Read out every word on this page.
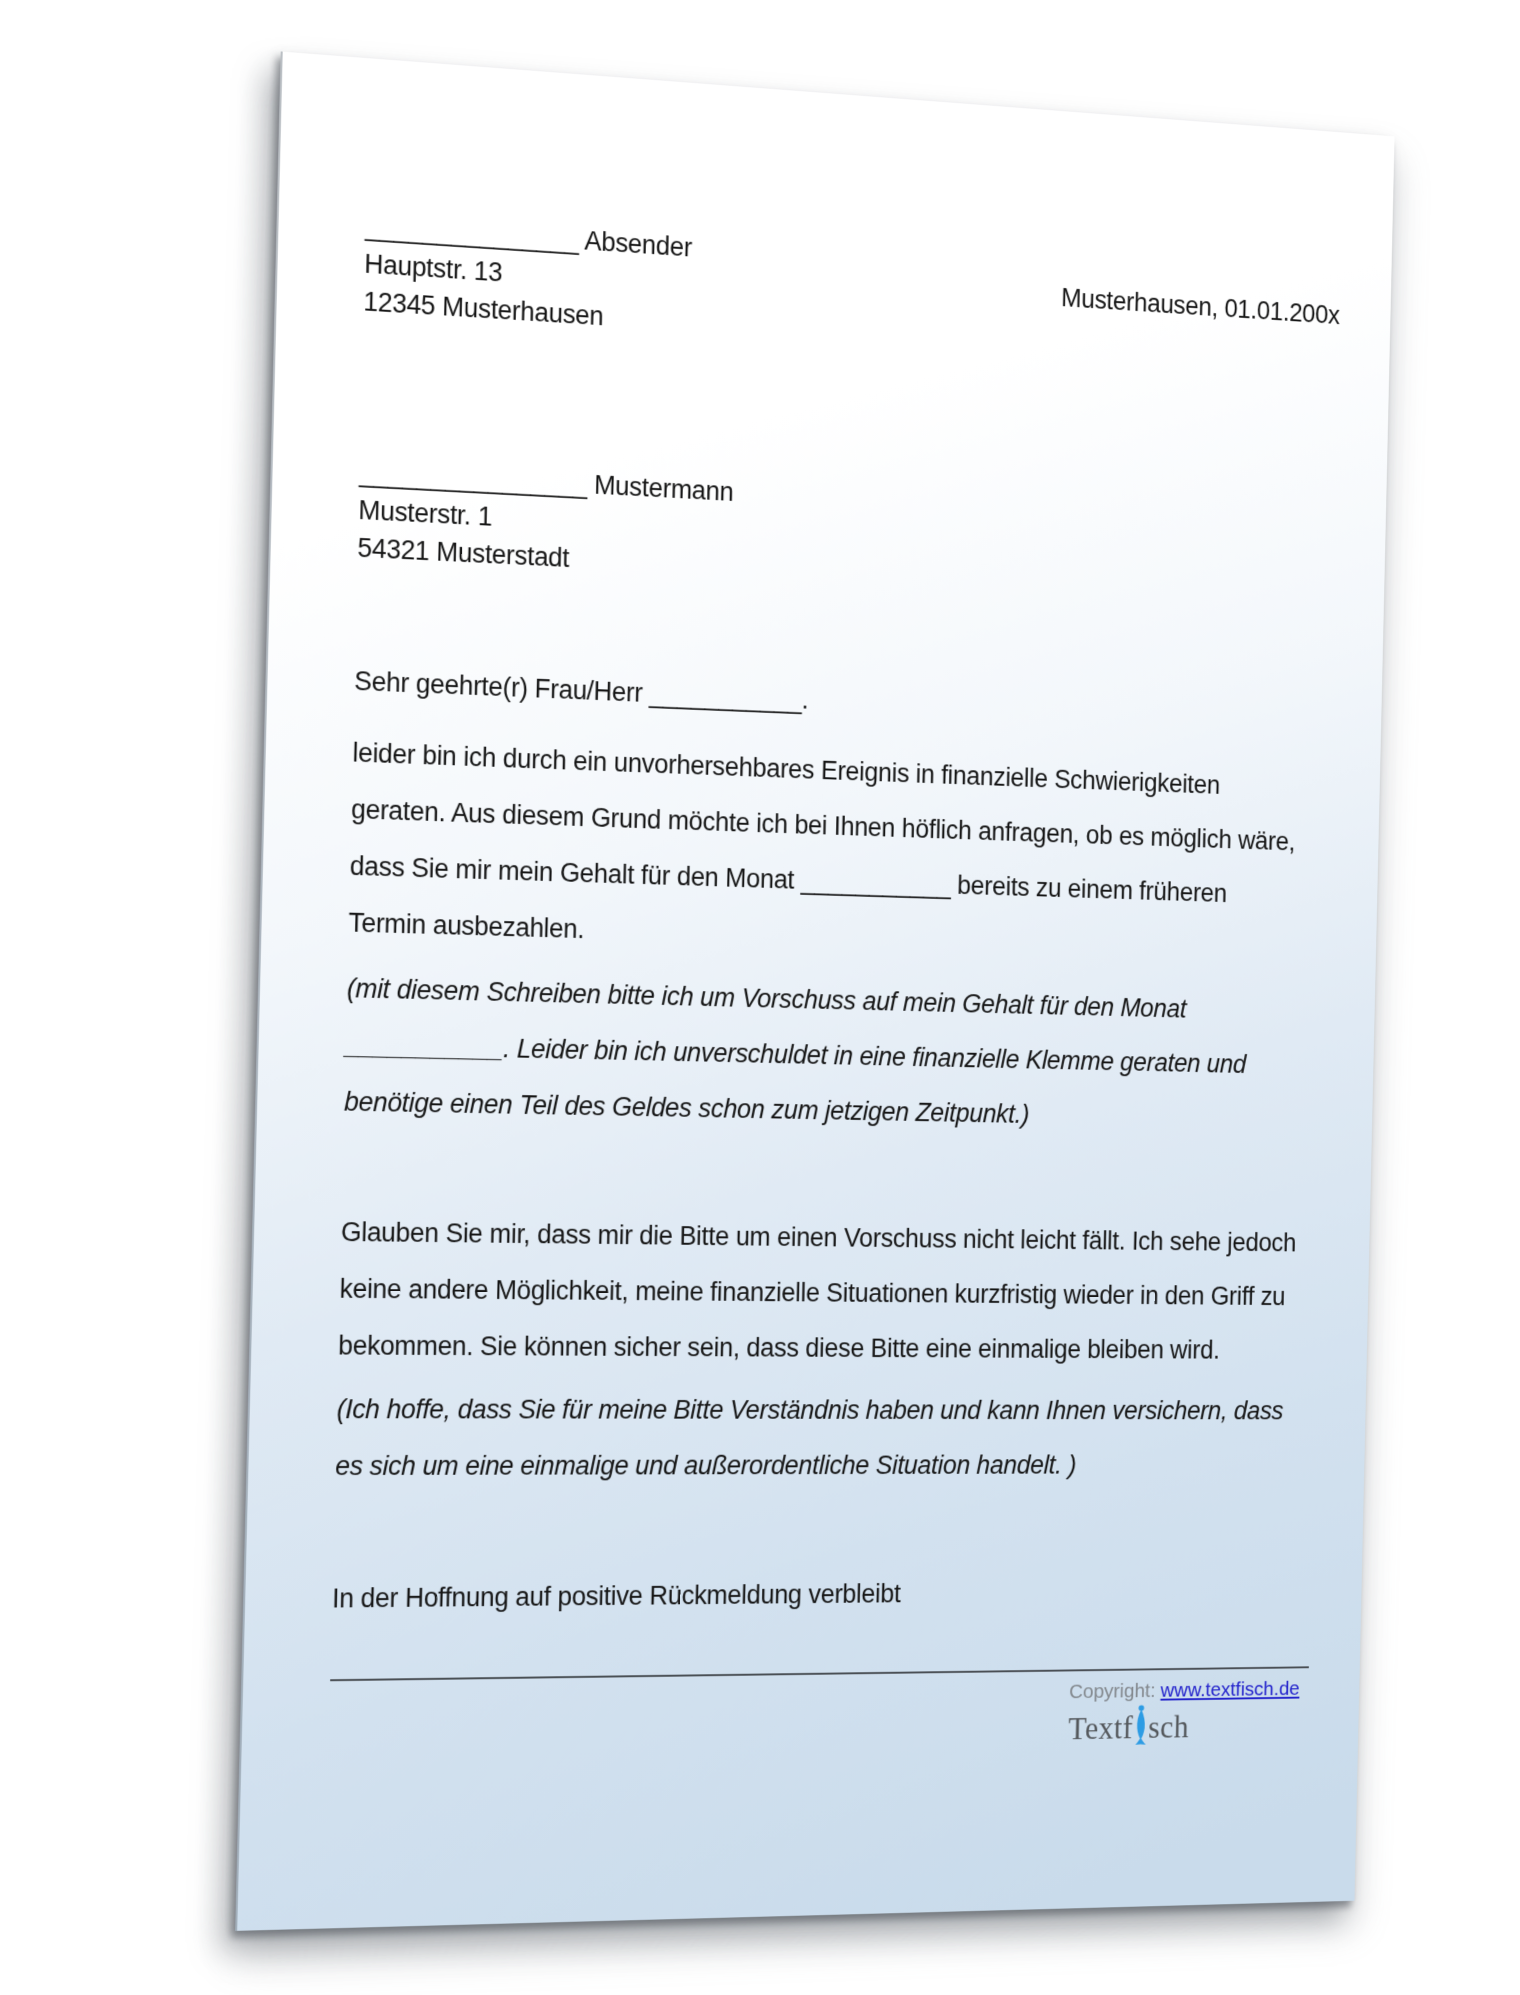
_______________ Absender
Hauptstr. 13
12345 Musterhausen	Musterhausen, 01.01.200x
________________ Mustermann
Musterstr. 1
54321 Musterstadt
Sehr geehrte(r) Frau/Herr ___________.
leider bin ich durch ein unvorhersehbares Ereignis in finanzielle Schwierigkeiten
geraten. Aus diesem Grund möchte ich bei Ihnen höflich anfragen, ob es möglich wäre,
dass Sie mir mein Gehalt für den Monat ___________ bereits zu einem früheren
Termin ausbezahlen.
(mit diesem Schreiben bitte ich um Vorschuss auf mein Gehalt für den Monat
___________. Leider bin ich unverschuldet in eine finanzielle Klemme geraten und
benötige einen Teil des Geldes schon zum jetzigen Zeitpunkt.)
Glauben Sie mir, dass mir die Bitte um einen Vorschuss nicht leicht fällt. Ich sehe jedoch
keine andere Möglichkeit, meine finanzielle Situationen kurzfristig wieder in den Griff zu
bekommen. Sie können sicher sein, dass diese Bitte eine einmalige bleiben wird.
(Ich hoffe, dass Sie für meine Bitte Verständnis haben und kann Ihnen versichern, dass
es sich um eine einmalige und außerordentliche Situation handelt. )
In der Hoffnung auf positive Rückmeldung verbleibt
Copyright: www.textfisch.de
Textf sch
